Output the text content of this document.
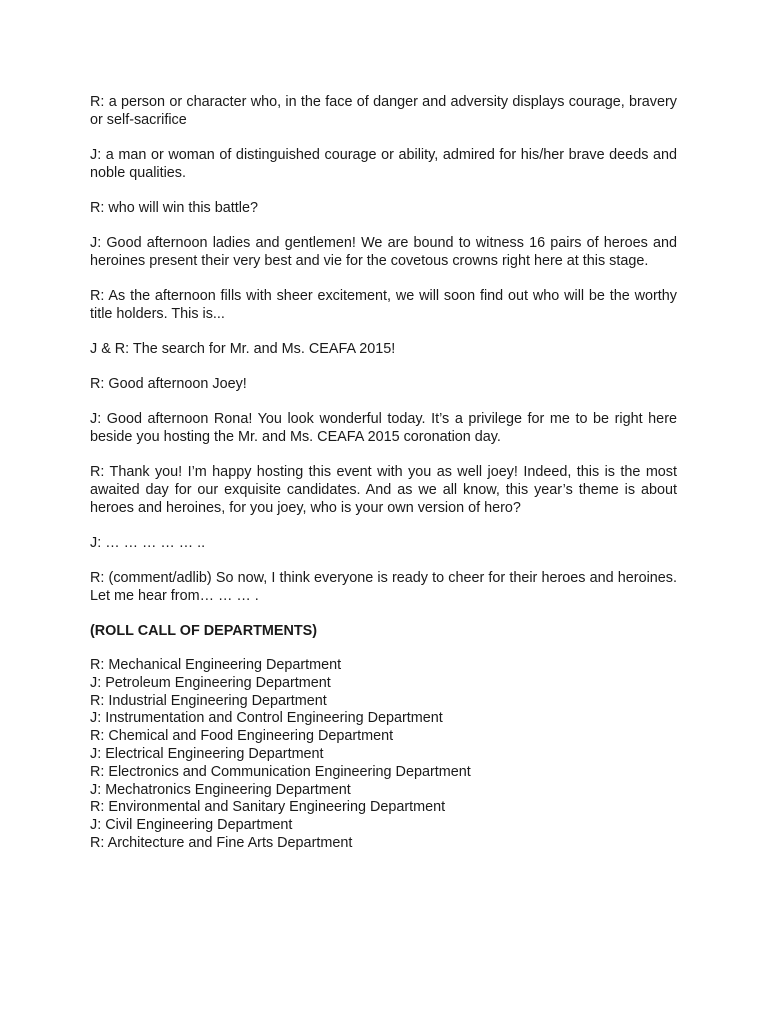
R: a person or character who, in the face of danger and adversity displays courage, bravery or self-sacrifice

J: a man or woman of distinguished courage or ability, admired for his/her brave deeds and noble qualities.

R: who will win this battle?

J: Good afternoon ladies and gentlemen! We are bound to witness 16 pairs of heroes and heroines present their very best and vie for the covetous crowns right here at this stage.

R: As the afternoon fills with sheer excitement, we will soon find out who will be the worthy title holders. This is...

J & R: The search for Mr. and Ms. CEAFA 2015!

R: Good afternoon Joey!

J: Good afternoon Rona! You look wonderful today. It’s a privilege for me to be right here beside you hosting the Mr. and Ms. CEAFA 2015 coronation day.

R: Thank you! I’m happy hosting this event with you as well joey! Indeed, this is the most awaited day for our exquisite candidates. And as we all know, this year’s theme is about heroes and heroines, for you joey, who is your own version of hero?

J: … … … … … ..

R: (comment/adlib) So now, I think everyone is ready to cheer for their heroes and heroines. Let me hear from… … … .

(ROLL CALL OF DEPARTMENTS)

R: Mechanical Engineering Department
J: Petroleum Engineering Department
R: Industrial Engineering Department
J: Instrumentation and Control Engineering Department
R: Chemical and Food Engineering Department
J: Electrical Engineering Department
R: Electronics and Communication Engineering Department
J: Mechatronics Engineering Department
R: Environmental and Sanitary Engineering Department
J: Civil Engineering Department
R: Architecture and Fine Arts Department
